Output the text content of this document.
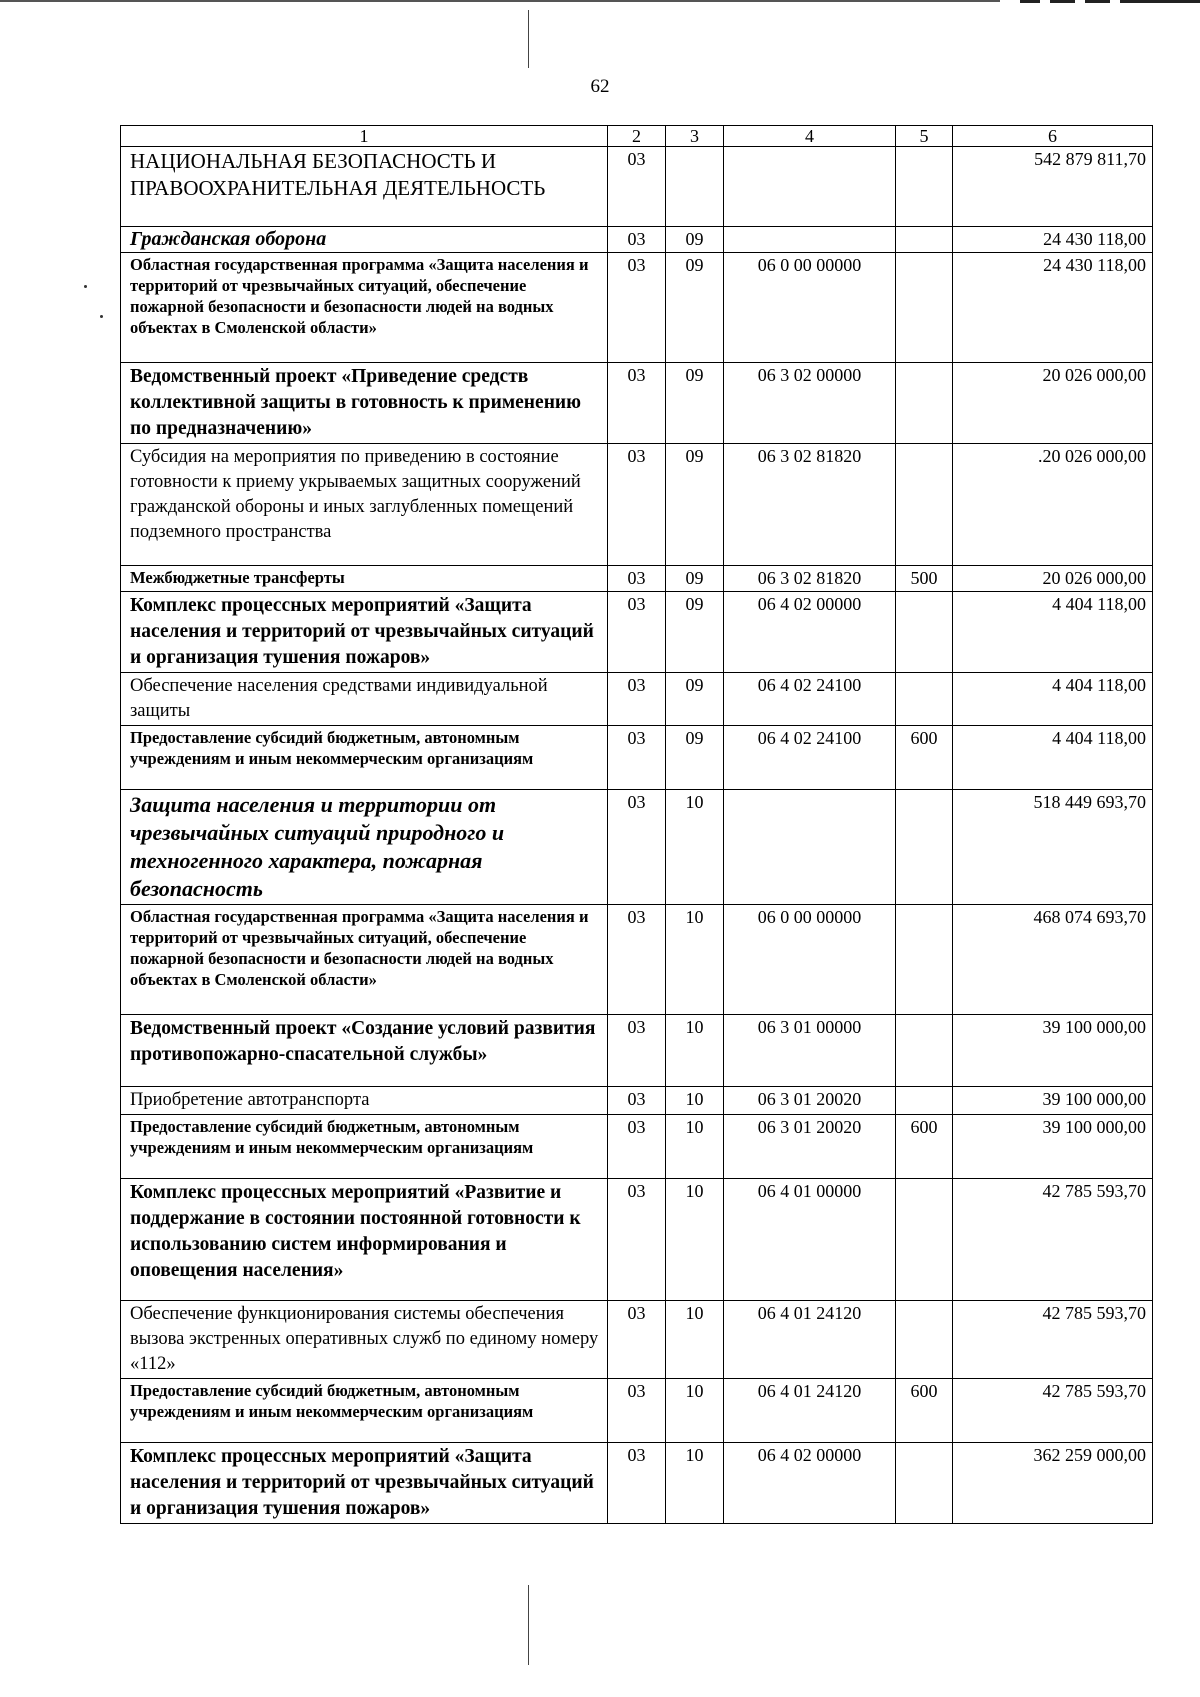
62
1	2	3	4	5	6
НАЦИОНАЛЬНАЯ БЕЗОПАСНОСТЬ И ПРАВООХРАНИТЕЛЬНАЯ ДЕЯТЕЛЬНОСТЬ	03				542 879 811,70
Гражданская оборона	03	09			24 430 118,00
Областная государственная программа «Защита населения и территорий от чрезвычайных ситуаций, обеспечение пожарной безопасности и безопасности людей на водных объектах в Смоленской области»	03	09	06 0 00 00000		24 430 118,00
Ведомственный проект «Приведение средств коллективной защиты в готовность к применению по предназначению»	03	09	06 3 02 00000		20 026 000,00
Субсидия на мероприятия по приведению в состояние готовности к приему укрываемых защитных сооружений гражданской обороны и иных заглубленных помещений подземного пространства	03	09	06 3 02 81820		.20 026 000,00
Межбюджетные трансферты	03	09	06 3 02 81820	500	20 026 000,00
Комплекс процессных мероприятий «Защита населения и территорий от чрезвычайных ситуаций и организация тушения пожаров»	03	09	06 4 02 00000		4 404 118,00
Обеспечение населения средствами индивидуальной защиты	03	09	06 4 02 24100		4 404 118,00
Предоставление субсидий бюджетным, автономным учреждениям и иным некоммерческим организациям	03	09	06 4 02 24100	600	4 404 118,00
Защита населения и территории от чрезвычайных ситуаций природного и техногенного характера, пожарная безопасность	03	10			518 449 693,70
Областная государственная программа «Защита населения и территорий от чрезвычайных ситуаций, обеспечение пожарной безопасности и безопасности людей на водных объектах в Смоленской области»	03	10	06 0 00 00000		468 074 693,70
Ведомственный проект «Создание условий развития противопожарно-спасательной службы»	03	10	06 3 01 00000		39 100 000,00
Приобретение автотранспорта	03	10	06 3 01 20020		39 100 000,00
Предоставление субсидий бюджетным, автономным учреждениям и иным некоммерческим организациям	03	10	06 3 01 20020	600	39 100 000,00
Комплекс процессных мероприятий «Развитие и поддержание в состоянии постоянной готовности к использованию систем информирования и оповещения населения»	03	10	06 4 01 00000		42 785 593,70
Обеспечение функционирования системы обеспечения вызова экстренных оперативных служб по единому номеру «112»	03	10	06 4 01 24120		42 785 593,70
Предоставление субсидий бюджетным, автономным учреждениям и иным некоммерческим организациям	03	10	06 4 01 24120	600	42 785 593,70
Комплекс процессных мероприятий «Защита населения и территорий от чрезвычайных ситуаций и организация тушения пожаров»	03	10	06 4 02 00000		362 259 000,00
